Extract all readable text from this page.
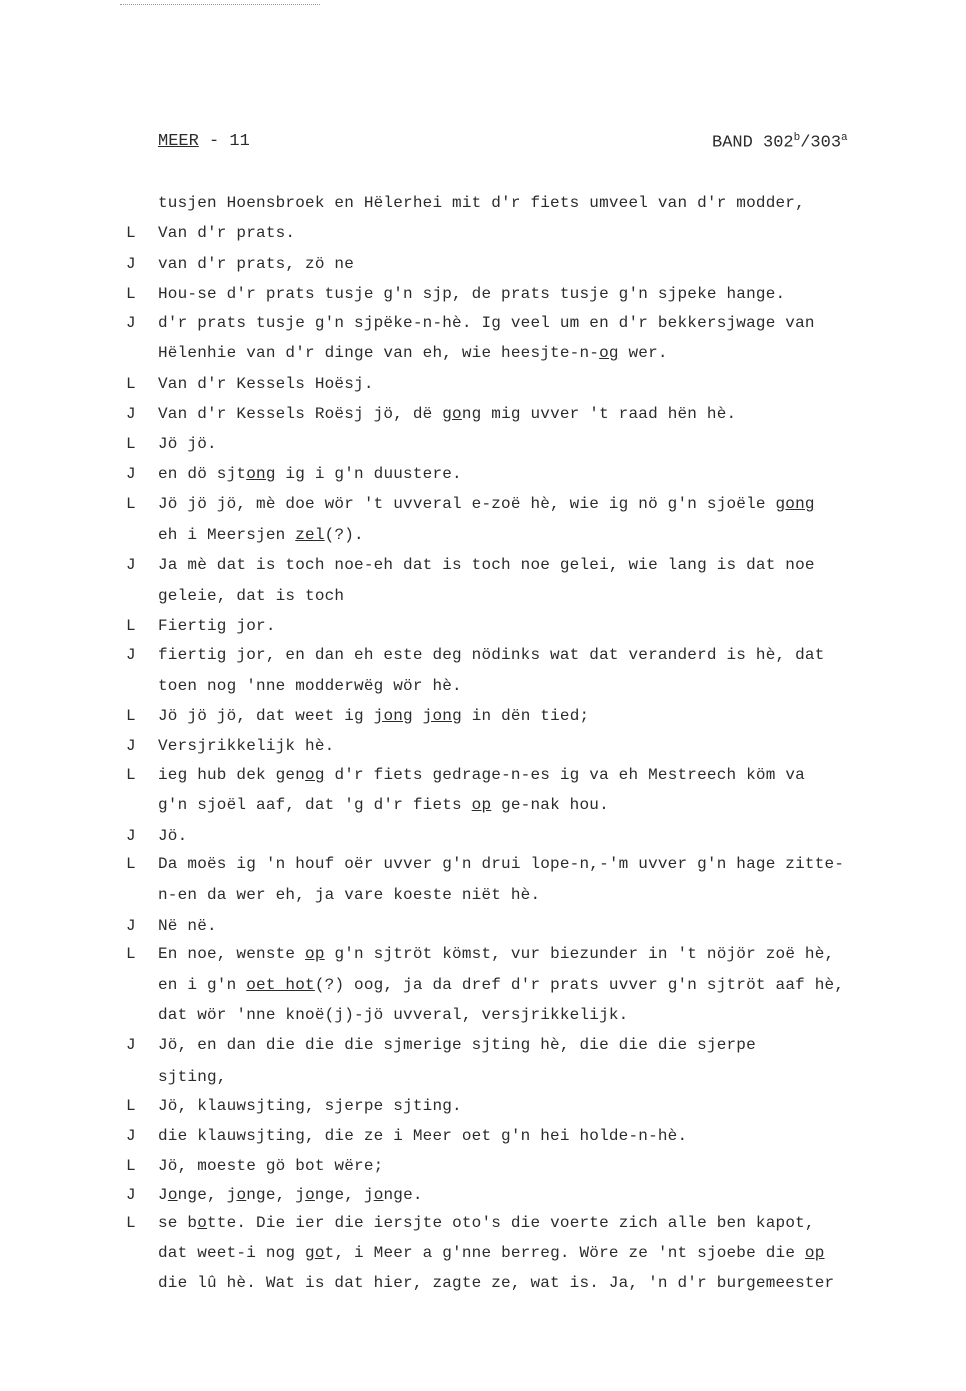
MEER - 11	BAND 302$^b$/303$^a$
tusjen Hoensbroek en Hëlerhei mit d'r fiets umveel van d'r modder,
L	Van d'r prats.
J	van d'r prats, zö ne
L	Hou-se d'r prats tusje g'n sjp, de prats tusje g'n sjpeke hange.
J	d'r prats tusje g'n sjpëke-n-hè. Ig veel um en d'r bekkersjwage van
Hëlenhie van d'r dinge van eh, wie heesjte-n-og wer.
L	Van d'r Kessels Hoësj.
J	Van d'r Kessels Roësj jö, dë gong mig uvver 't raad hën hè.
L	Jö jö.
J	en dö sjtong ig i g'n duustere.
L	Jö jö jö, mè doe wör 't uvveral e-zoë hè, wie ig nö g'n sjoële gong
eh i Meersjen zel(?).
J	Ja mè dat is toch noe-eh dat is toch noe gelei, wie lang is dat noe
geleie, dat is toch
L	Fiertig jor.
J	fiertig jor, en dan eh este deg nödinks wat dat veranderd is hè, dat
toen nog 'nne modderwëg wör hè.
L	Jö jö jö, dat weet ig jong jong in dën tied;
J	Versjrikkelijk hè.
L	ieg hub dek genog d'r fiets gedrage-n-es ig va eh Mestreech köm va
g'n sjoël aaf, dat 'g d'r fiets op ge-nak hou.
J	Jö.
L	Da moës ig 'n houf oër uvver g'n drui lope-n,-'m uvver g'n hage zitte-
n-en da wer eh, ja vare koeste niët hè.
J	Në në.
L	En noe, wenste op g'n sjtröt kömst, vur biezunder in 't nöjör zoë hè,
en i g'n oet hot(?) oog, ja da dref d'r prats uvver g'n sjtröt aaf hè,
dat wör 'nne knoë(j)-jö uvveral, versjrikkelijk.
J	Jö, en dan die die die sjmerige sjting hè, die die die sjerpe
sjting,
L	Jö, klauwsjting, sjerpe sjting.
J	die klauwsjting, die ze i Meer oet g'n hei holde-n-hè.
L	Jö, moeste gö bot wëre;
J	Jonge, jonge, jonge, jonge.
L	se botte. Die ier die iersjte oto's die voerte zich alle ben kapot,
dat weet-i nog got, i Meer a g'nne berreg. Wöre ze 'nt sjoebe die op
die lû hè. Wat is dat hier, zagte ze, wat is. Ja, 'n d'r burgemeester
